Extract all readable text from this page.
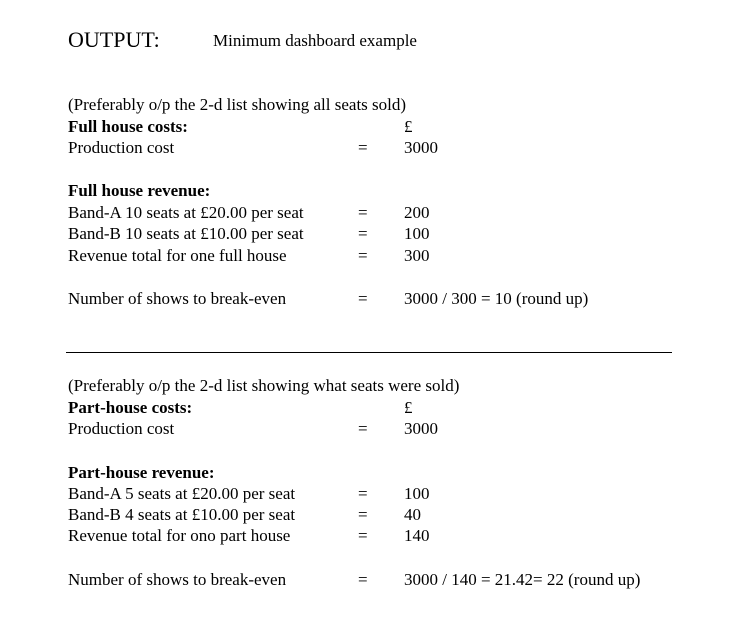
OUTPUT:	Minimum dashboard example
(Preferably o/p the 2-d list showing all seats sold)
Full house costs:	£
Production cost	= 3000
Full house revenue:
Band-A 10 seats at £20.00 per seat	= 200
Band-B 10 seats at £10.00 per seat	= 100
Revenue total for one full house	= 300
Number of shows to break-even	= 3000 / 300 = 10 (round up)
(Preferably o/p the 2-d list showing what seats were sold)
Part-house costs:	£
Production cost	= 3000
Part-house revenue:
Band-A 5 seats at £20.00 per seat	= 100
Band-B 4 seats at £10.00 per seat	= 40
Revenue total for ono part house	= 140
Number of shows to break-even	= 3000 / 140 = 21.42= 22 (round up)
